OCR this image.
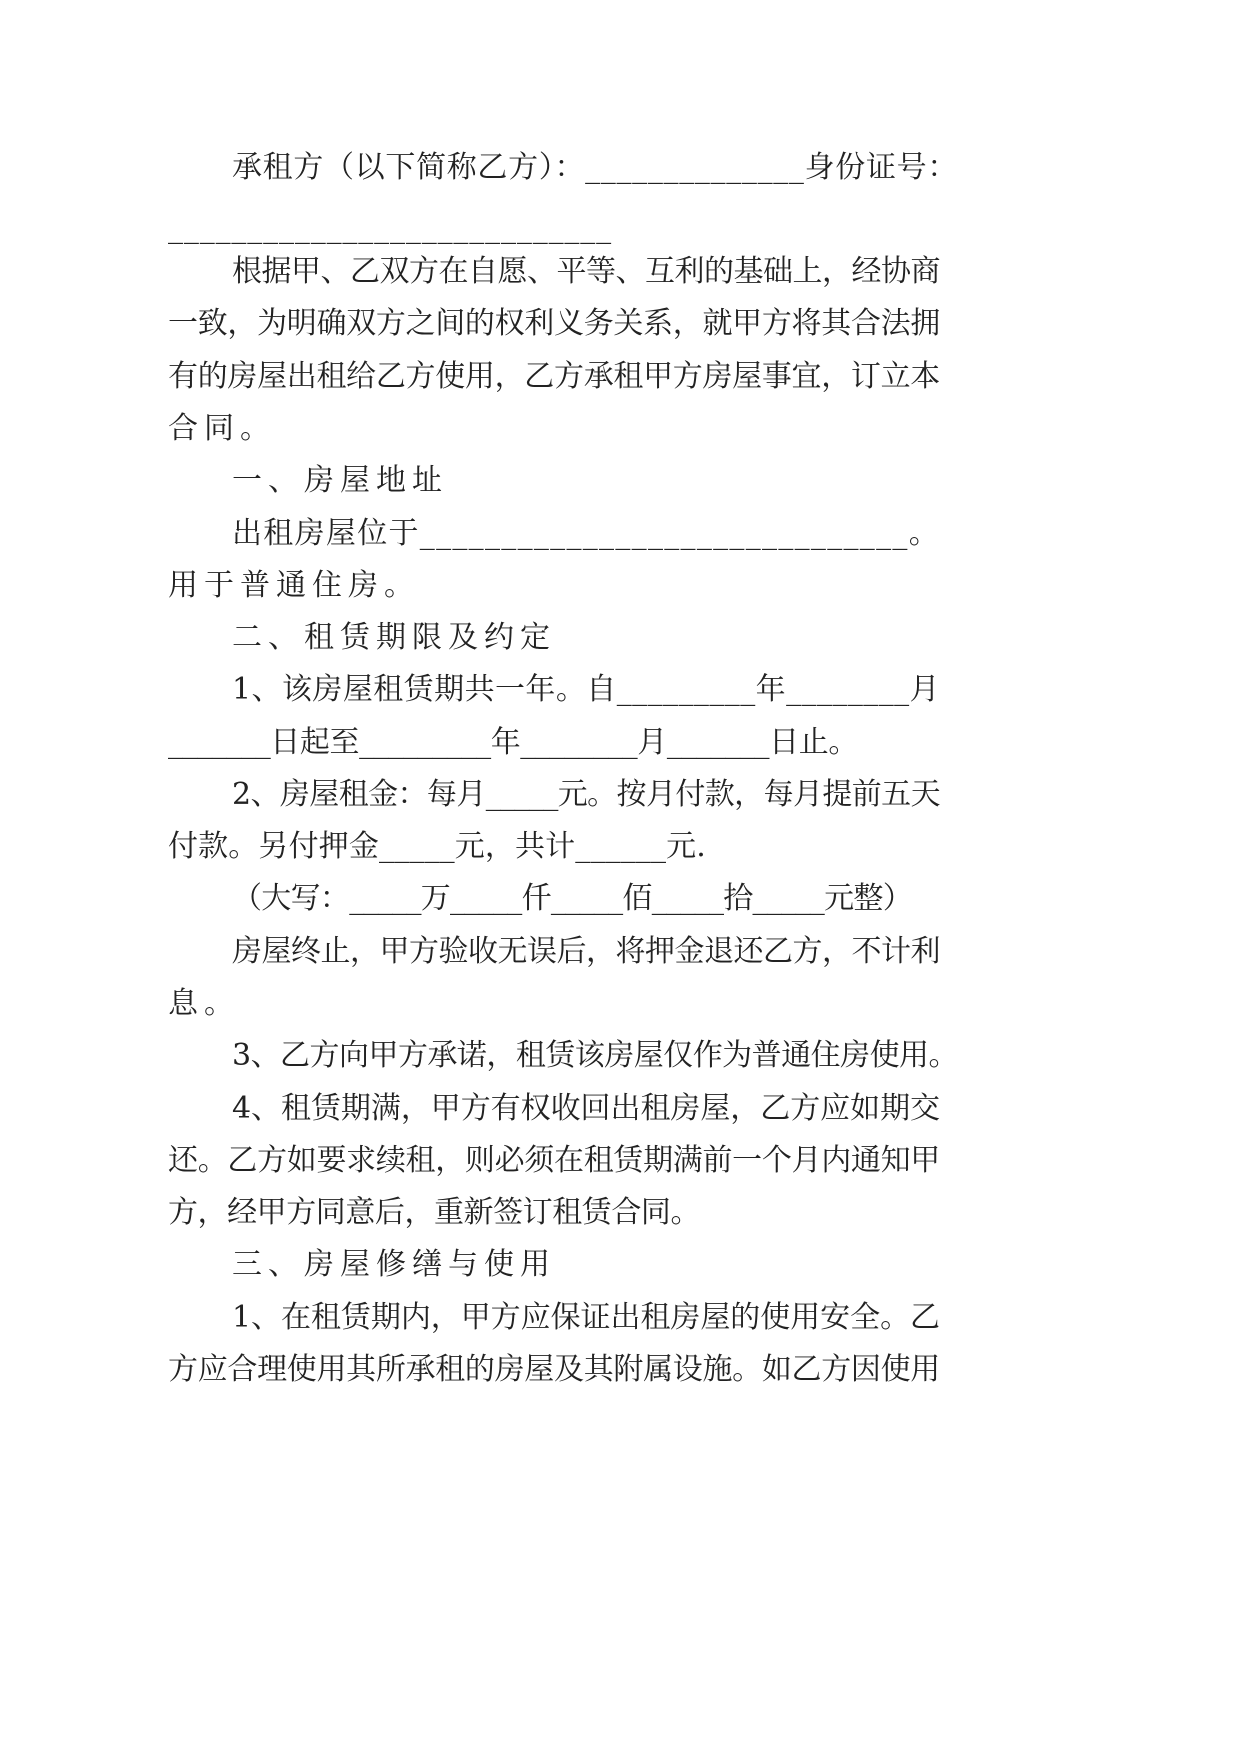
承租方（以下简称乙方）：______________身份证号：
____________________________
根据甲、乙双方在自愿、平等、互利的基础上，经协商
一致，为明确双方之间的权利义务关系，就甲方将其合法拥
有的房屋出租给乙方使用，乙方承租甲方房屋事宜，订立本
合同。
一、房屋地址
出租房屋位于______________________________。
用于普通住房。
二、租赁期限及约定
1、该房屋租赁期共一年。自_________年________月
_______日起至_________年________月_______日止。
2、房屋租金：每月_____元。按月付款，每月提前五天
付款。另付押金_____元，共计______元.
（大写：_____万_____仟_____佰_____拾_____元整）
房屋终止，甲方验收无误后，将押金退还乙方，不计利
息。
3、乙方向甲方承诺，租赁该房屋仅作为普通住房使用。
4、租赁期满，甲方有权收回出租房屋，乙方应如期交
还。乙方如要求续租，则必须在租赁期满前一个月内通知甲
方，经甲方同意后，重新签订租赁合同。
三、房屋修缮与使用
1、在租赁期内，甲方应保证出租房屋的使用安全。乙
方应合理使用其所承租的房屋及其附属设施。如乙方因使用
